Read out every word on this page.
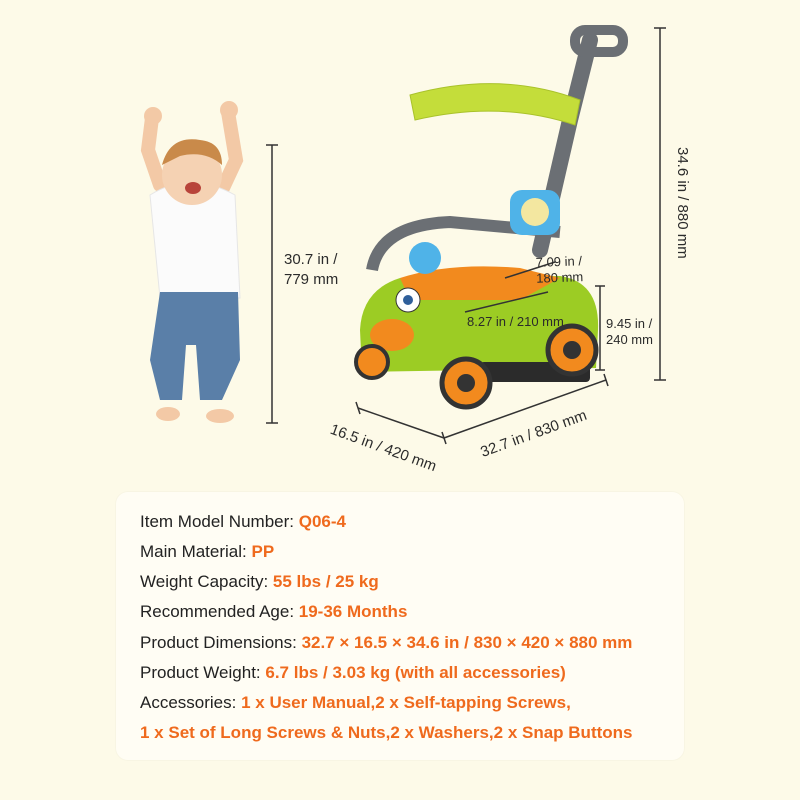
30.7 in /
779 mm
34.6 in / 880 mm
7.09 in /
180 mm
8.27 in / 210 mm	9.45 in /
240 mm
16.5 in / 420 mm	32.7 in / 830 mm
Item Model Number: Q06-4
Main Material: PP
Weight Capacity: 55 lbs / 25 kg
Recommended Age: 19-36 Months
Product Dimensions: 32.7 × 16.5 × 34.6 in / 830 × 420 × 880 mm
Product Weight: 6.7 lbs / 3.03 kg (with all accessories)
Accessories: 1 x User Manual,2 x Self-tapping Screws,
1 x Set of Long Screws & Nuts,2 x Washers,2 x Snap Buttons
